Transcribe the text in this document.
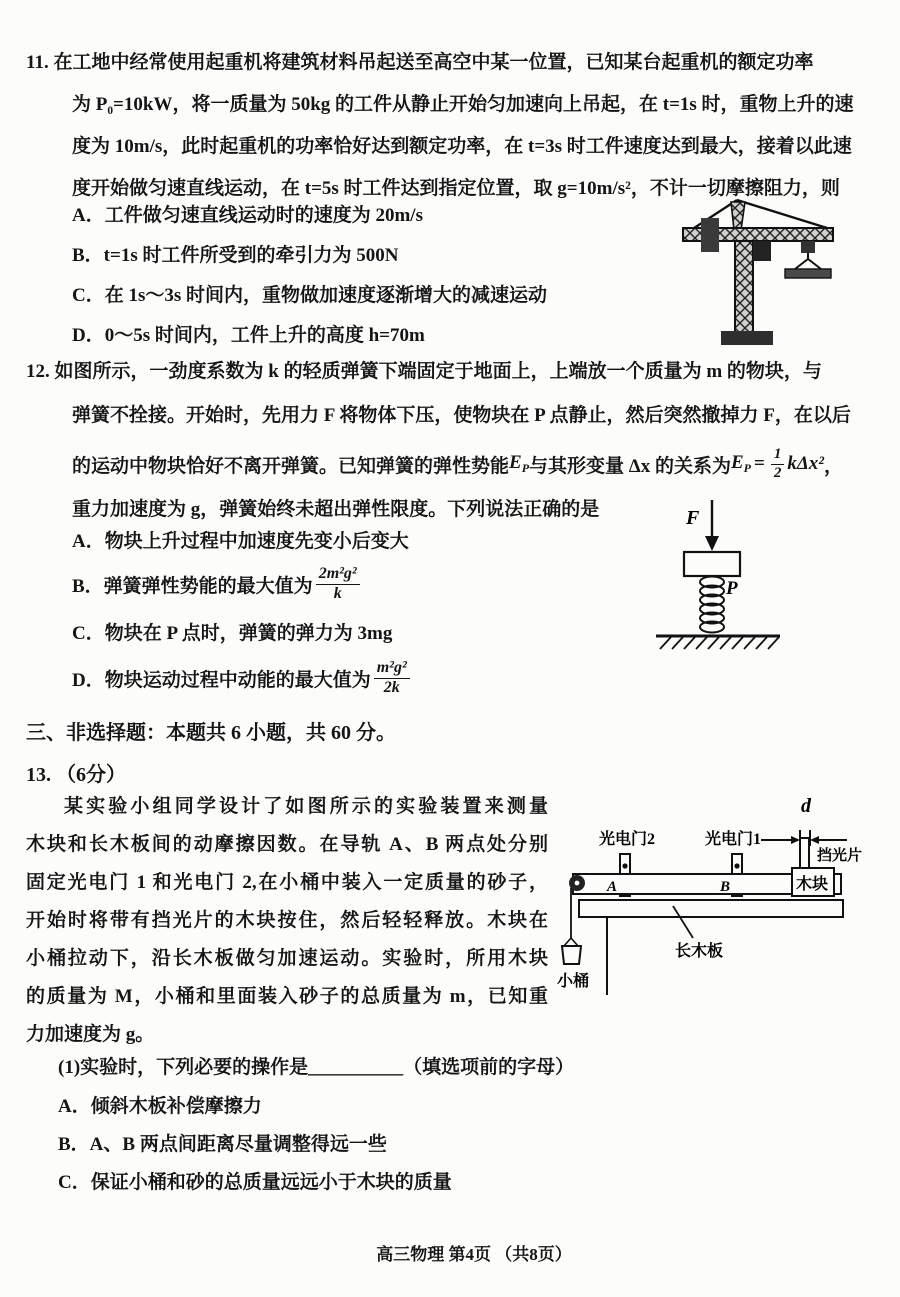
11. 在工地中经常使用起重机将建筑材料吊起送至高空中某一位置，已知某台起重机的额定功率
为 P₀=10kW，将一质量为 50kg 的工件从静止开始匀加速向上吊起，在 t=1s 时，重物上升的速
度为 10m/s，此时起重机的功率恰好达到额定功率，在 t=3s 时工件速度达到最大，接着以此速
度开始做匀速直线运动，在 t=5s 时工件达到指定位置，取 g=10m/s²，不计一切摩擦阻力，则
A．工件做匀速直线运动时的速度为 20m/s
B．t=1s 时工件所受到的牵引力为 500N
C．在 1s～3s 时间内，重物做加速度逐渐增大的减速运动
D．0～5s 时间内，工件上升的高度 h=70m
12. 如图所示，一劲度系数为 k 的轻质弹簧下端固定于地面上，上端放一个质量为 m 的物块，与
弹簧不拴接。开始时，先用力 F 将物体下压，使物块在 P 点静止，然后突然撤掉力 F，在以后
的运动中物块恰好不离开弹簧。已知弹簧的弹性势能 $E_P$ 与其形变量 Δx 的关系为 $E_P = \frac{1}{2} k\Delta x^2$ ，
重力加速度为 g，弹簧始终未超出弹性限度。下列说法正确的是
A．物块上升过程中加速度先变小后变大
B．弹簧弹性势能的最大值为 $\frac{\text{2m²g²}}{k}$
C．物块在 P 点时，弹簧的弹力为 3mg
D．物块运动过程中动能的最大值为 $\frac{\text{m²g²}}{2k}$
F
P
三、非选择题：本题共 6 小题，共 60 分。
13. （6分）
某实验小组同学设计了如图所示的实验装置来测量
木块和长木板间的动摩擦因数。在导轨 A、B 两点处分别
固定光电门 1 和光电门 2,在小桶中装入一定质量的砂子，
开始时将带有挡光片的木块按住，然后轻轻释放。木块在
小桶拉动下，沿长木板做匀加速运动。实验时，所用木块
的质量为 M，小桶和里面装入砂子的总质量为 m，已知重
力加速度为 g。
d
挡光片
光电门2	光电门1
木块
A	B
长木板
小桶
(1)实验时，下列必要的操作是__________（填选项前的字母）
A．倾斜木板补偿摩擦力
B．A、B 两点间距离尽量调整得远一些
C．保证小桶和砂的总质量远远小于木块的质量
高三物理 第4页 （共8页）
